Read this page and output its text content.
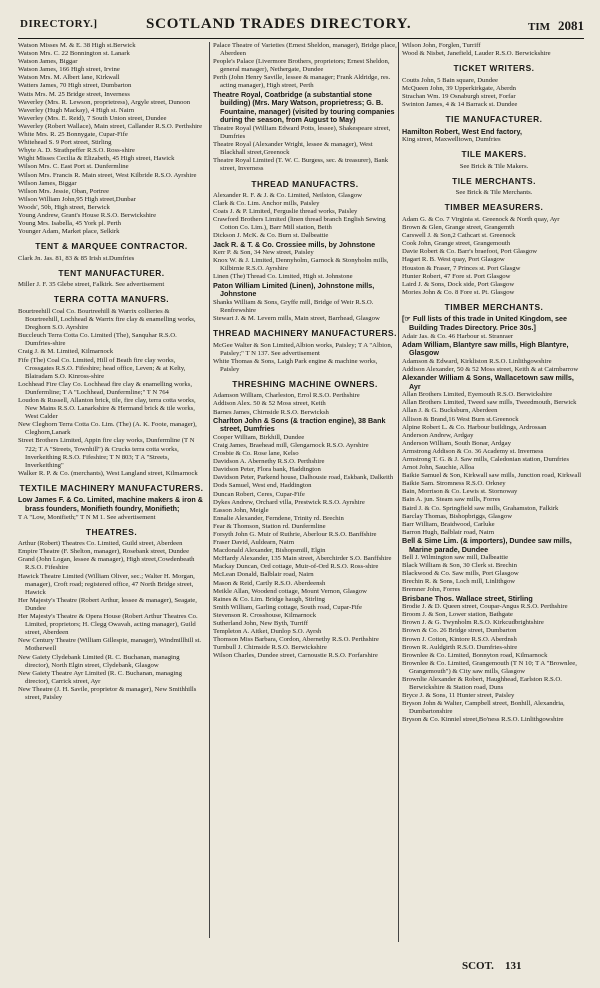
DIRECTORY.]	SCOTLAND TRADES DIRECTORY.	TIM 2081
Watson Misses M. & E. 38 High st.Berwick
Watson Mrs. C. 22 Bonnington st. Lanark
Watson James, Biggar
Watson James, 166 High street, Irvine
Watson Mrs. M. Albert lane, Kirkwall
Watters James, 70 High street, Dumbarton
Watts Mrs. M. 25 Bridge street, Inverness
Waverley (Mrs. R. Lewson, proprietress), Argyle street, Dunoon
Waverley (Hugh Mackay), 4 High st. Nairn
Waverley (Mrs. E. Reid), 7 South Union street, Dundee
Waverley (Robert Wallace), Main street, Callander R.S.O. Perthshire
White Mrs. R. 25 Bonnygate, Cupar-Fife
Whitehead S. 9 Port street, Stirling
Whyte A. D. Strathpeffer R.S.O. Ross-shire
Wight Misses Cecilia & Elizabeth, 45 High street, Hawick
Wilson Mrs. C. East Port st. Dunfermline
Wilson Mrs. Francis R. Main street, West Kilbride R.S.O. Ayrshire
Wilson James, Biggar
Wilson Mrs. Jessie, Oban, Portree
Wilson William John,95 High street,Dunbar
Woods', 50b, High street, Berwick
Young Andrew, Grant's House R.S.O. Berwickshire
Young Mrs. Isabella, 45 York pl. Perth
Younger Adam, Market place, Selkirk
TENT & MARQUEE CONTRACTOR.
Clark Jn. Jas. 81, 83 & 85 Irish st.Dumfries
TENT MANUFACTURER.
Miller J. F. 35 Glebe street, Falkirk. See advertisement
TERRA COTTA MANUFRS.
Bourtreehill Coal Co. Bourtreehill & Warrix collieries & Bourtreehill, Lochhead & Warrix fire clay & enamelling works, Dreghorn S.O. Ayrshire
Buccleuch Terra Cotta Co. Limited (The), Sanquhar R.S.O. Dumfries-shire
Craig J. & M. Limited, Kilmarnock
Fife (The) Coal Co. Limited, Hill of Beath fire clay works, Crossgates R.S.O. Fifeshire; head office, Leven; & at Kelty, Blairadam S.O. Kinross-shire
Lochhead Fire Clay Co. Lochhead fire clay & enamelling works, Dunfermline; T A "Lochhead, Dunfermline;" T N 764
Loudon & Russell, Allanton brick, tile, fire clay, terra cotta works, New Mains R.S.O. Lanarkshire & Hermand brick & tile works, West Calder
New Cleghorn Terra Cotta Co. Lim. (The) (A. K. Foote, manager), Cleghorn,Lanark
Street Brothers Limited, Appin fire clay works, Dunfermline (T N 722; T A "Streets, Townhill") & Crucks terra cotta works, Inverkeithing R.S.O. Fifeshire; T N 803; T A "Streets, Inverkeithing"
Walker R. P. & Co. (merchants), West Langland street, Kilmarnock
TEXTILE MACHINERY MANUFACTURERS.
Low James F. & Co. Limited, machine makers & iron & brass founders, Monifieth foundry, Monifieth;
T A "Low, Monifieth;" T N M 1. See advertisement
THEATRES.
Arthur (Robert) Theatres Co. Limited, Guild street, Aberdeen
Empire Theatre (F. Shelton, manager), Rosebank street, Dundee
Grand (John Logan, lessee & manager), High street,Cowdenbeath R.S.O. Fifeshire
Hawick Theatre Limited (William Oliver, sec.; Walter H. Morgan, manager), Croft road; registered office, 47 North Bridge street, Hawick
Her Majesty's Theatre (Robert Arthur, lessee & manager), Seagate, Dundee
Her Majesty's Theatre & Opera House (Robert Arthur Theatres Co. Limited, proprietors; H. Clegg Owavah, acting manager), Guild street, Aberdeen
New Century Theatre (William Gillespie, manager), Windmillhill st. Motherwell
New Gaiety Clydebank Limited (R. C. Buchanan, managing director), North Elgin street, Clydebank, Glasgow
New Gaiety Theatre Ayr Limited (R. C. Buchanan, managing director), Carrick street, Ayr
New Theatre (J. H. Savile, proprietor & manager), New Smithhills street, Paisley
Palace Theatre of Varieties (Ernest Sheldon, manager), Bridge place, Aberdeen
People's Palace (Livermore Brothers, proprietors; Ernest Sheldon, general manager), Nethergate, Dundee
Perth (John Henry Saville, lessee & manager; Frank Aldridge, res. acting manager), High street, Perth
Theatre Royal, Coatbridge (a substantial stone building) (Mrs. Mary Watson, proprietress; G. B. Fountaine, manager) (visited by touring companies during the season, from August to May)
Theatre Royal (William Edward Potts, lessee), Shakespeare street, Dumfries
Theatre Royal (Alexander Wright, lessee & manager), West Blackhall street,Greenock
Theatre Royal Limited (T. W. C. Burgess, sec. & treasurer), Bank street, Inverness
THREAD MANUFACTRS.
Alexander R. F. & J. & Co. Limited, Neilston, Glasgow
Clark & Co. Lim. Anchor mills, Paisley
Coats J. & P. Limited, Ferguslie thread works, Paisley
Crawford Brothers Limited (linen thread branch English Sewing Cotton Co. Lim.), Barr Mill station, Beith
Dickson J. McK. & Co. Burn st. Dalbeattie
Jack R. & T. & Co. Crossiee mills, by Johnstone
Kerr P. & Son, 34 New street, Paisley
Knox W. & J. Limited, Dennyholm, Garnock & Stonyholm mills, Kilbirnie R.S.O. Ayrshire
Linen (The) Thread Co. Limited, High st. Johnstone
Paton William Limited (Linen), Johnstone mills, Johnstone
Shanks William & Sons, Gryffe mill, Bridge of Weir R.S.O. Renfrewshire
Stewart J. & M. Levern mills, Main street, Barrhead, Glasgow
THREAD MACHINERY MANUFACTURERS.
McGee Walter & Son Limited,Albion works, Paisley; T A "Albion, Paisley;" T N 137. See advertisement
White Thomas & Sons, Laigh Park engine & machine works, Paisley
THRESHING MACHINE OWNERS.
Adamson William, Charleston, Errol R.S.O. Perthshire
Addison Alex. 50 & 52 Moss street, Keith
Barnes James, Chirnside R.S.O. Berwicksh
Charlton John & Sons (& traction engine), 38 Bank street, Dumfries
Cooper William, Birkhill, Dundee
Craig James, Braehead mill, Glengarnock R.S.O. Ayrshire
Crosbie & Co. Rose lane, Kelso
Davidson A. Abernethy R.S.O. Perthshire
Davidson Peter, Flora bank, Haddington
Davidson Peter, Parkend house, Dalhousie road, Eskbank, Dalkeith
Dods Samuel, West end, Haddington
Duncan Robert, Ceres, Cupar-Fife
Dykes Andrew, Orchard villa, Prestwick R.S.O. Ayrshire
Easson John, Meigle
Ennalie Alexander, Ferndene, Trinity rd. Brechin
Fear & Thomson, Station rd. Dunfermline
Forsyth John G. Muir of Ruthrie, Aberlour R.S.O. Banffshire
Fraser David, Auldearn, Nairn
Macdonald Alexander, Bishopsmill, Elgin
McHardy Alexander, 135 Main street, Aberchirder S.O. Banffshire
Mackay Duncan, Ord cottage, Muir-of-Ord R.S.O. Ross-shire
McLean Donald, Balblair road, Nairn
Mason & Reid, Cartly R.S.O. Aberdeensh
Meikle Allan, Woodend cottage, Mount Vernon, Glasgow
Raines & Co. Lim. Bridge haugh, Stirling
Smith William, Garling cottage, South road, Cupar-Fife
Stevenson R. Crosshouse, Kilmarnock
Sutherland John, New Byth, Turriff
Templeton A. Aitket, Dunlop S.O. Ayrsh
Thomson Miss Barbara, Cordon, Abernethy R.S.O. Perthshire
Turnbull J. Chirnside R.S.O. Berwickshire
Wilson Charles, Dundee street, Carnoustie R.S.O. Forfarshire
Wilson John, Forglen, Turriff
Wood & Nisbet, Janefield, Lauder R.S.O. Berwickshire
TICKET WRITERS.
Coutts John, 5 Bain square, Dundee
McQueen John, 39 Upperkirkgate, Aberdn
Strachan Wm. 19 Osnaburgh street, Forfar
Swinton James, 4 & 14 Barrack st. Dundee
TIE MANUFACTURER.
Hamilton Robert, West End factory,
King street, Maxwelltown, Dumfries
TILE MAKERS.
See Brick & Tile Makers.
TILE MERCHANTS.
See Brick & Tile Merchants.
TIMBER MEASURERS.
Adam G. & Co. 7 Virginia st. Greenock & North quay, Ayr
Brown & Glen, Grange street, Grangemth
Carswell J. & Son,2 Cathcart st. Greenock
Cook John, Grange street, Grangemouth
Davie Robert & Co. Barr's braefoot, Port Glasgow
Hagart R. B. West quay, Port Glasgow
Houston & Fraser, 7 Princes st. Port Glasgw
Hunter Robert, 47 Fore st. Port Glasgow
Laird J. & Sons, Dock side, Port Glasgow
Mories John & Co. 8 Fore st. Pt. Glasgow
TIMBER MERCHANTS.
[☞ Full lists of this trade in United Kingdom, see Building Trades Directory. Price 30s.]
Adair Jas. & Co. 46 Harbour st. Stranraer
Adam William, Blantyre saw mills, High Blantyre, Glasgow
Adamson & Edward, Kirkliston R.S.O. Linlithgowshire
Addison Alexander, 50 & 52 Moss street, Keith & at Cairnbarrow
Alexander William & Sons, Wallacetown saw mills, Ayr
Allan Brothers Limited, Eyemouth R.S.O. Berwickshire
Allan Brothers Limited, Tweed saw mills, Tweedmouth, Berwick
Allan J. & G. Bucksburn, Aberdeen
Allison & Brand,16 West Burn st.Greenock
Alpine Robert L. & Co. Harbour buildings, Ardrossan
Anderson Andrew, Ardgay
Anderson William, South Bonar, Ardgay
Armstrong Addison & Co. 36 Academy st. Inverness
Armstrong T. G. & J. Saw mills, Caledonian station, Dumfries
Arnot John, Sauchie, Alloa
Baikie Samuel & Son, Kirkwall saw mills, Junction road, Kirkwall
Baikie Sam. Stromness R.S.O. Orkney
Bain, Morrison & Co. Lewis st. Stornoway
Bain A. jun. Steam saw mills, Forres
Baird J. & Co. Springfield saw mills, Grahamston, Falkirk
Barclay Thomas, Bishopbriggs, Glasgow
Barr William, Braidwood, Carluke
Barron Hugh, Balblair road, Nairn
Bell & Sime Lim. (& importers), Dundee saw mills, Marine parade, Dundee
Bell J. Wilmington saw mill, Dalbeattie
Black William & Son, 30 Clerk st. Brechin
Blackwood & Co. Saw mills, Port Glasgow
Brechin R. & Sons, Loch mill, Linlithgow
Bremner John, Forres
Brisbane Thos. Wallace street, Stirling
Brodie J. & D. Queen street, Coupar-Angus R.S.O. Perthshire
Broom J. & Son, Lower station, Bathgate
Brown J. & G. Twynholm R.S.O. Kirkcudbrightshire
Brown & Co. 26 Bridge street, Dumbarton
Brown J. Cotton, Kintore R.S.O. Aberdnsh
Brown R. Auldgirth R.S.O. Dumfries-shire
Brownlee & Co. Limited, Bonnyton road, Kilmarnock
Brownlee & Co. Limited, Grangemouth (T N 10; T A "Brownlee, Grangemouth") & City saw mills, Glasgow
Brownlie Alexander & Robert, Haughhead, Earlston R.S.O. Berwickshire & Station road, Duns
Bryce J. & Sons, 11 Hunter street, Paisley
Bryson John & Walter, Campbell street, Bonhill, Alexandria, Dumbartonshire
Bryson & Co. Kinniel street,Bo'ness R.S.O. Linlithgowshire
SCOT. 131
